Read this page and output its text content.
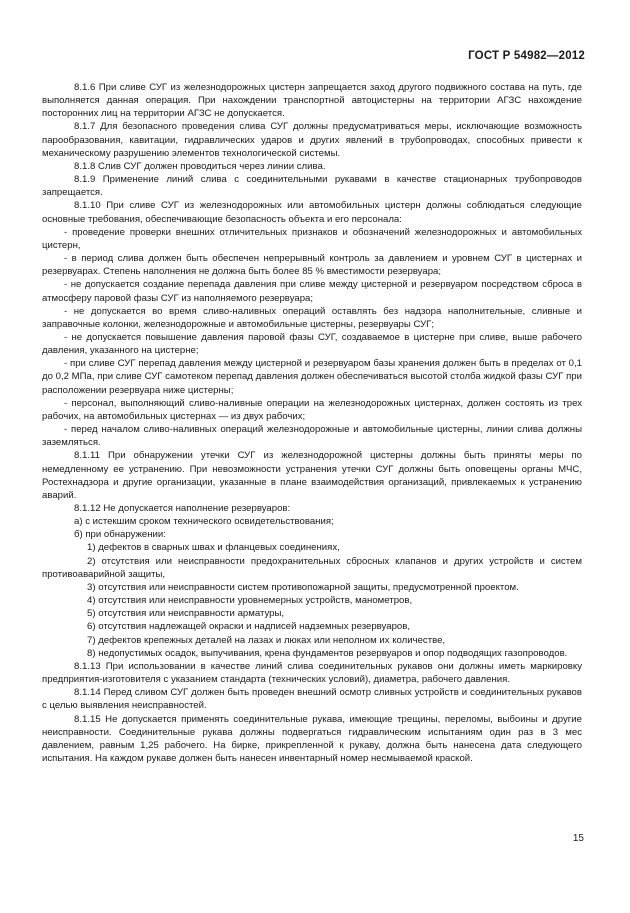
ГОСТ Р 54982—2012

8.1.6 При сливе СУГ из железнодорожных цистерн запрещается заход другого подвижного состава на путь, где выполняется данная операция. При нахождении транспортной автоцистерны на территории АГЗС нахождение посторонних лиц на территории АГЗС не допускается.

8.1.7 Для безопасного проведения слива СУГ должны предусматриваться меры, исключающие возможность парообразования, кавитации, гидравлических ударов и других явлений в трубопроводах, способных привести к механическому разрушению элементов технологической системы.

8.1.8 Слив СУГ должен проводиться через линии слива.

8.1.9 Применение линий слива с соединительными рукавами в качестве стационарных трубопроводов запрещается.

8.1.10 При сливе СУГ из железнодорожных или автомобильных цистерн должны соблюдаться следующие основные требования, обеспечивающие безопасность объекта и его персонала:

- проведение проверки внешних отличительных признаков и обозначений железнодорожных и автомобильных цистерн,

- в период слива должен быть обеспечен непрерывный контроль за давлением и уровнем СУГ в цистернах и резервуарах. Степень наполнения не должна быть более 85 % вместимости резервуара;

- не допускается создание перепада давления при сливе между цистерной и резервуаром посредством сброса в атмосферу паровой фазы СУГ из наполняемого резервуара;

- не допускается во время сливо-наливных операций оставлять без надзора наполнительные, сливные и заправочные колонки, железнодорожные и автомобильные цистерны, резервуары СУГ;

- не допускается повышение давления паровой фазы СУГ, создаваемое в цистерне при сливе, выше рабочего давления, указанного на цистерне;

- при сливе СУГ перепад давления между цистерной и резервуаром базы хранения должен быть в пределах от 0,1 до 0,2 МПа, при сливе СУГ самотеком перепад давления должен обеспечиваться высотой столба жидкой фазы СУГ при расположении резервуара ниже цистерны;

- персонал, выполняющий сливо-наливные операции на железнодорожных цистернах, должен состоять из трех рабочих, на автомобильных цистернах — из двух рабочих;

- перед началом сливо-наливных операций железнодорожные и автомобильные цистерны, линии слива должны заземляться.

8.1.11 При обнаружении утечки СУГ из железнодорожной цистерны должны быть приняты меры по немедленному ее устранению. При невозможности устранения утечки СУГ должны быть оповещены органы МЧС, Ростехнадзора и другие организации, указанные в плане взаимодействия организаций, привлекаемых к устранению аварий.

8.1.12 Не допускается наполнение резервуаров:

а) с истекшим сроком технического освидетельствования;

б) при обнаружении:

1) дефектов в сварных швах и фланцевых соединениях,

2) отсутствия или неисправности предохранительных сбросных клапанов и других устройств и систем противоаварийной защиты,

3) отсутствия или неисправности систем противопожарной защиты, предусмотренной проектом.

4) отсутствия или неисправности уровнемерных устройств, манометров,

5) отсутствия или неисправности арматуры,

6) отсутствия надлежащей окраски и надписей надземных резервуаров,

7) дефектов крепежных деталей на лазах и люках или неполном их количестве,

8) недопустимых осадок, выпучивания, крена фундаментов резервуаров и опор подводящих газопроводов.

8.1.13 При использовании в качестве линий слива соединительных рукавов они должны иметь маркировку предприятия-изготовителя с указанием стандарта (технических условий), диаметра, рабочего давления.

8.1.14 Перед сливом СУГ должен быть проведен внешний осмотр сливных устройств и соединительных рукавов с целью выявления неисправностей.

8.1.15 Не допускается применять соединительные рукава, имеющие трещины, переломы, выбоины и другие неисправности. Соединительные рукава должны подвергаться гидравлическим испытаниям один раз в 3 мес давлением, равным 1,25 рабочего. На бирке, прикрепленной к рукаву, должна быть нанесена дата следующего испытания. На каждом рукаве должен быть нанесен инвентарный номер несмываемой краской.

15
